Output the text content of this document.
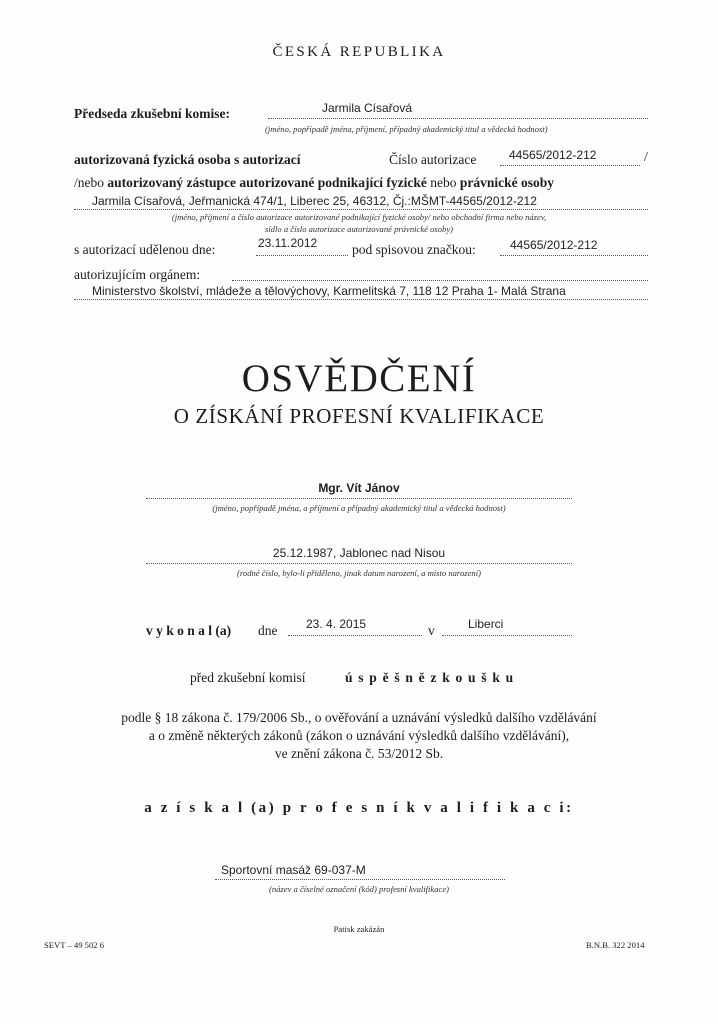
ČESKÁ REPUBLIKA
Předseda zkušební komise:	Jarmila Císařová
(jméno, popřípadě jména, příjmení, případný akademický titul a vědecká hodnost)
autorizovaná fyzická osoba s autorizací	Číslo autorizace	44565/2012-212	/
/nebo autorizovaný zástupce autorizované podnikající fyzické nebo právnické osoby
Jarmila Císařová, Jeřmanická 474/1, Liberec 25, 46312, Čj.:MŠMT-44565/2012-212
(jméno, příjmení a číslo autorizace autorizované podnikající fyzické osoby/ nebo obchodní firma nebo název,
sídlo a číslo autorizace autorizované právnické osoby)
s autorizací udělenou dne:	23.11.2012	pod spisovou značkou:	44565/2012-212
autorizujícím orgánem:
Ministerstvo školství, mládeže a tělovýchovy, Karmelitská 7, 118 12 Praha 1- Malá Strana
OSVĚDČENÍ
O ZÍSKÁNÍ PROFESNÍ KVALIFIKACE
Mgr. Vít Jánov
(jméno, popřípadě jména, a příjmení a případný akademický titul a vědecká hodnost)
25.12.1987, Jablonec nad Nisou
(rodné číslo, bylo-li přiděleno, jinak datum narození, a místo narození)
v y k o n a l (a) dne 23. 4. 2015	v	Liberci
před zkušební komisí	ú s p ě š n ě z k o u š k u
podle § 18 zákona č. 179/2006 Sb., o ověřování a uznávání výsledků dalšího vzdělávání
a o změně některých zákonů (zákon o uznávání výsledků dalšího vzdělávání),
ve znění zákona č. 53/2012 Sb.
a z í s k a l (a) p r o f e s n í k v a l i f i k a c i:
Sportovní masáž 69-037-M
(název a číselné označení (kód) profesní kvalifikace)
Patisk zakázán
SEVT – 49 502 6	B.N.B. 322 2014
